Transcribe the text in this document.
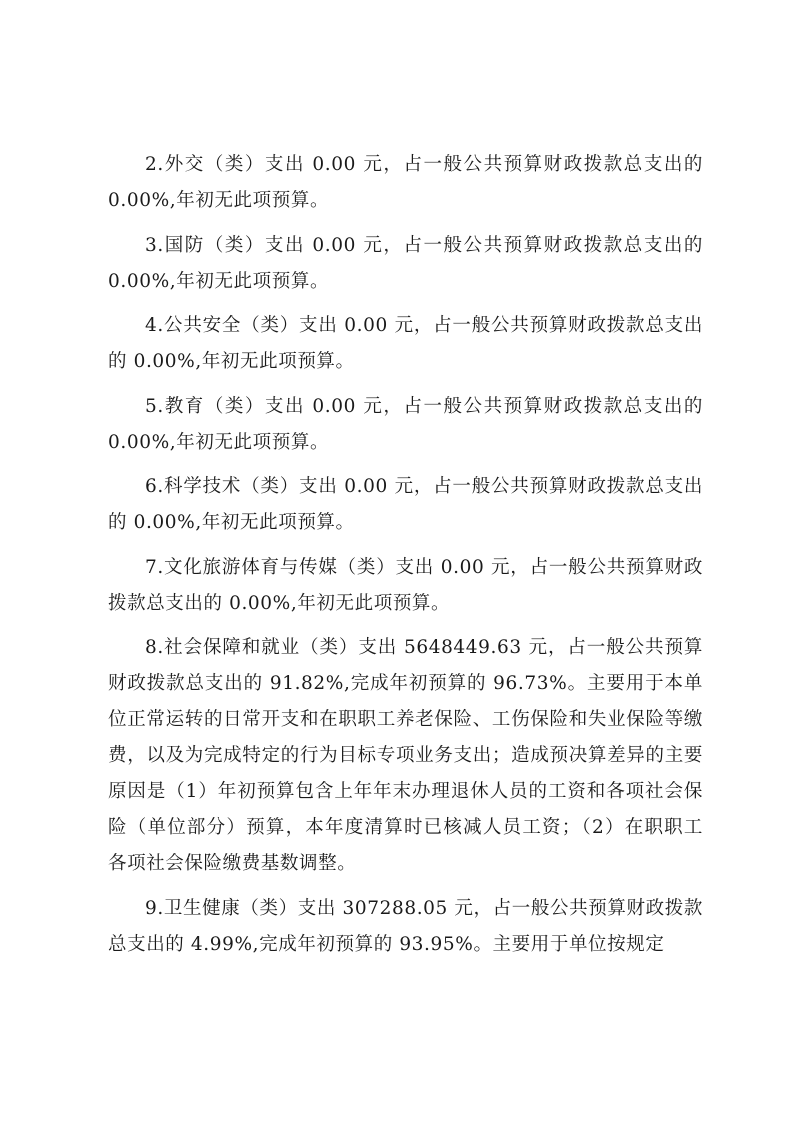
2.外交（类）支出 0.00 元，占一般公共预算财政拨款总支出的 0.00%,年初无此项预算。

3.国防（类）支出 0.00 元，占一般公共预算财政拨款总支出的 0.00%,年初无此项预算。

4.公共安全（类）支出 0.00 元，占一般公共预算财政拨款总支出的 0.00%,年初无此项预算。

5.教育（类）支出 0.00 元，占一般公共预算财政拨款总支出的 0.00%,年初无此项预算。

6.科学技术（类）支出 0.00 元，占一般公共预算财政拨款总支出的 0.00%,年初无此项预算。

7.文化旅游体育与传媒（类）支出 0.00 元，占一般公共预算财政拨款总支出的 0.00%,年初无此项预算。

8.社会保障和就业（类）支出 5648449.63 元，占一般公共预算财政拨款总支出的 91.82%,完成年初预算的 96.73%。主要用于本单位正常运转的日常开支和在职职工养老保险、工伤保险和失业保险等缴费，以及为完成特定的行为目标专项业务支出；造成预决算差异的主要原因是（1）年初预算包含上年年末办理退休人员的工资和各项社会保险（单位部分）预算，本年度清算时已核减人员工资；（2）在职职工各项社会保险缴费基数调整。

9.卫生健康（类）支出 307288.05 元，占一般公共预算财政拨款总支出的 4.99%,完成年初预算的 93.95%。主要用于单位按规定
